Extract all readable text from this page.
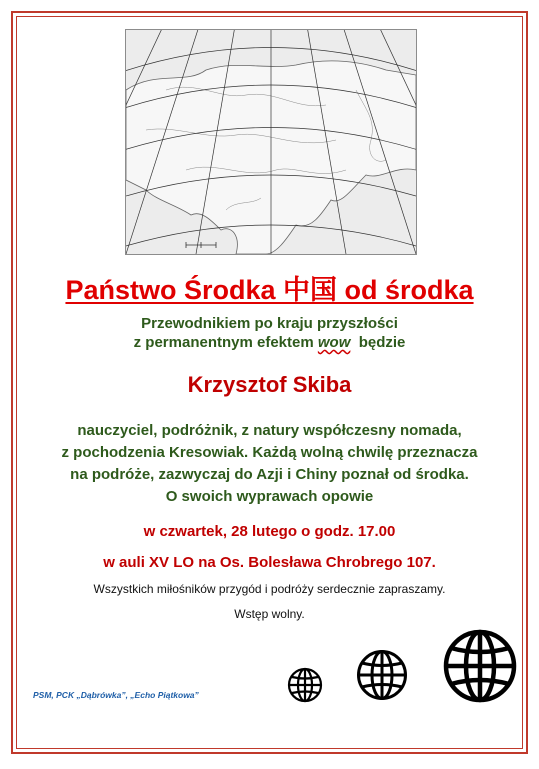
Państwo Środka 中国 od środka
Przewodnikiem po kraju przyszłości
z permanentnym efektem wow  będzie
Krzysztof Skiba
nauczyciel, podróżnik, z natury współczesny nomada,
z pochodzenia Kresowiak. Każdą wolną chwilę przeznacza
na podróże, zazwyczaj do Azji i Chiny poznał od środka.
O swoich wyprawach opowie
w czwartek, 28 lutego o godz. 17.00
w auli XV LO na Os. Bolesława Chrobrego 107.
Wszystkich miłośników przygód i podróży serdecznie zapraszamy.
Wstęp wolny.
PSM, PCK „Dąbrówka”, „Echo Piątkowa”
